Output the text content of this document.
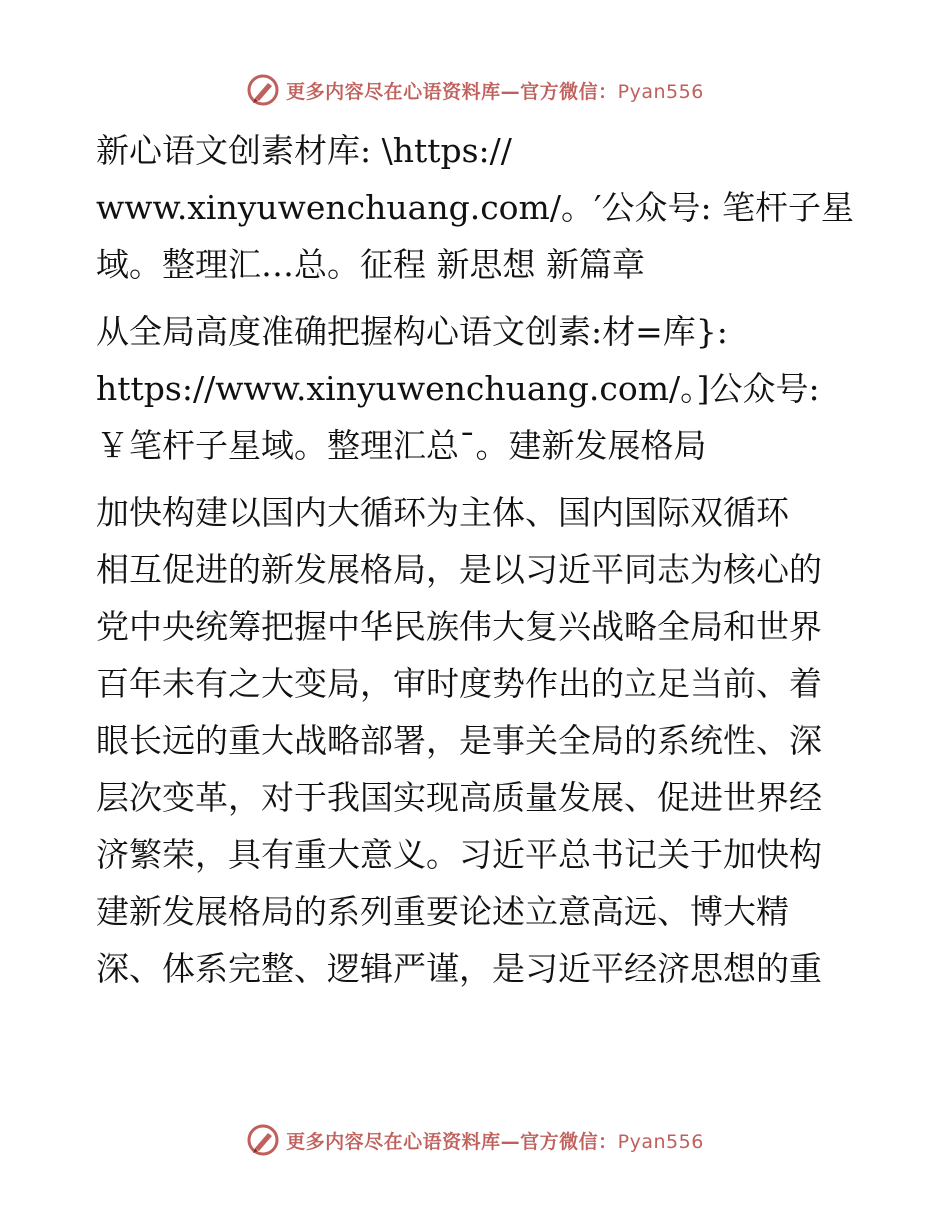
更多内容尽在心语资料库—官方微信：Pyan556
新心语文创素材库: \https://
www.xinyuwenchuang.com/。′公众号: 笔杆子星
域。整理汇…总。征程 新思想 新篇章
从全局高度准确把握构心语文创素:材=库}:
https://www.xinyuwenchuang.com/。]公众号:
￥笔杆子星域。整理汇总¯。建新发展格局
加快构建以国内大循环为主体、国内国际双循环
相互促进的新发展格局，是以习近平同志为核心的
党中央统筹把握中华民族伟大复兴战略全局和世界
百年未有之大变局，审时度势作出的立足当前、着
眼长远的重大战略部署，是事关全局的系统性、深
层次变革，对于我国实现高质量发展、促进世界经
济繁荣，具有重大意义。习近平总书记关于加快构
建新发展格局的系列重要论述立意高远、博大精
深、体系完整、逻辑严谨，是习近平经济思想的重
更多内容尽在心语资料库—官方微信：Pyan556
